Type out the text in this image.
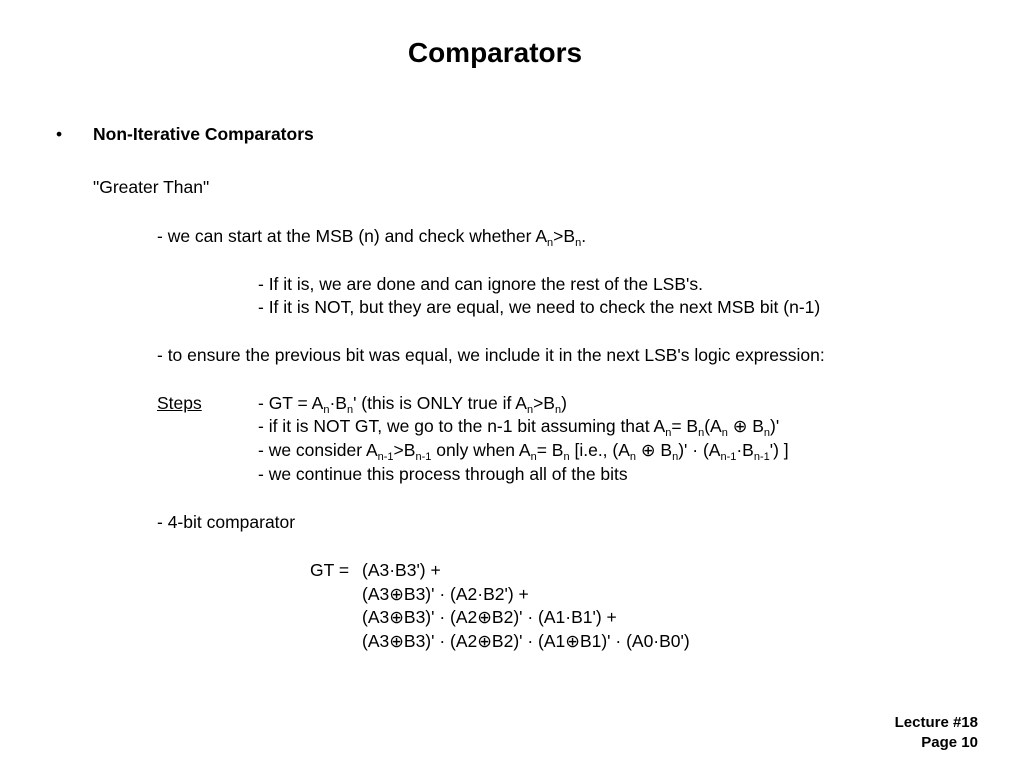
Comparators
• Non-Iterative Comparators
"Greater Than"
- we can start at the MSB (n) and check whether $A_n>B_n$.
- If it is, we are done and can ignore the rest of the LSB's.
- If it is NOT, but they are equal, we need to check the next MSB bit (n-1)
- to ensure the previous bit was equal, we include it in the next LSB's logic expression:
Steps	- GT = $A_n\cdot B_n'$ (this is ONLY true if $A_n>B_n$)
- if it is NOT GT, we go to the n-1 bit assuming that $A_n= B_n(A_n$ ⊕ $B_n)'$
- we consider $A_{n-1}>B_{n-1}$ only when $A_n= B_n$ [i.e., ($A_n$ ⊕ $B_n)' \cdot (A_{n-1}\cdot B_{n-1}')$ ]
- we continue this process through all of the bits
- 4-bit comparator
GT = (A3·B3') +
(A3⊕B3)' · (A2·B2') +
(A3⊕B3)' · (A2⊕B2)' · (A1·B1') +
(A3⊕B3)' · (A2⊕B2)' · (A1⊕B1)' · (A0·B0')
Lecture #18
Page 10
